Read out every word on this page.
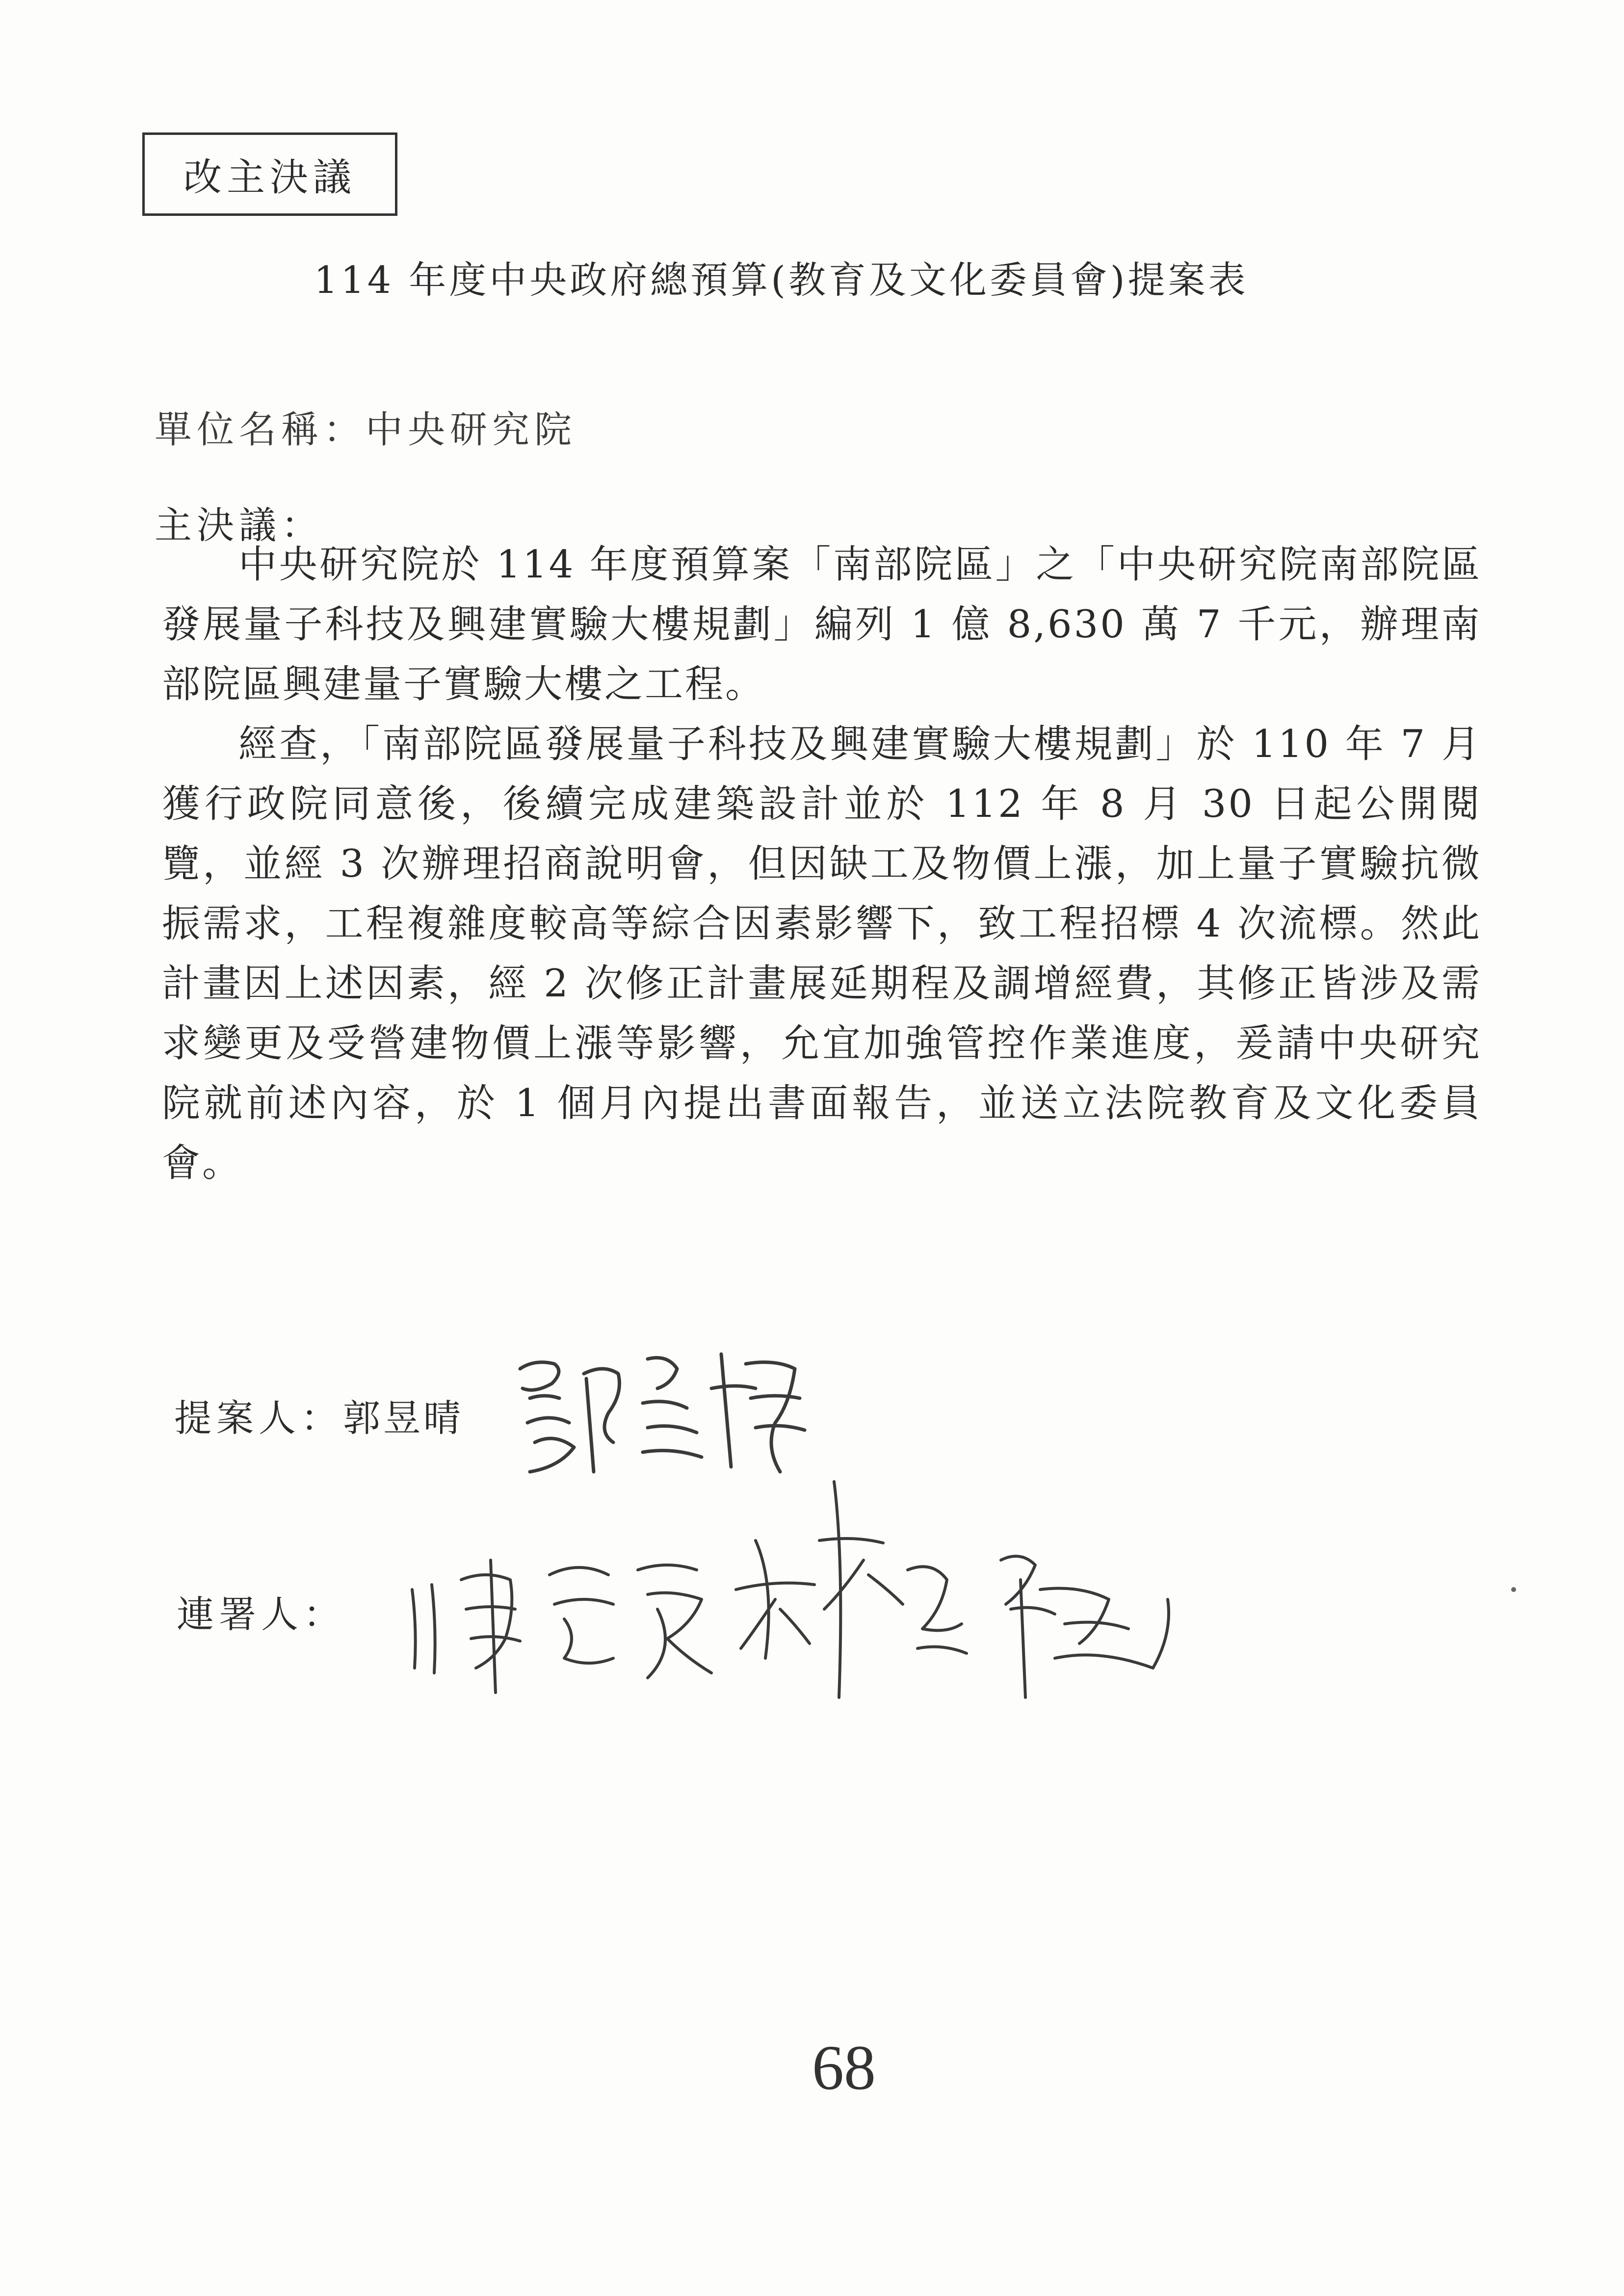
改主決議
114 年度中央政府總預算(教育及文化委員會)提案表
單位名稱：中央研究院
主決議：

中央研究院於 114 年度預算案「南部院區」之「中央研究院南部院區發展量子科技及興建實驗大樓規劃」編列 1 億 8,630 萬 7 千元，辦理南部院區興建量子實驗大樓之工程。

經查，「南部院區發展量子科技及興建實驗大樓規劃」於 110 年 7 月獲行政院同意後，後續完成建築設計並於 112 年 8 月 30 日起公開閱覽，並經 3 次辦理招商說明會，但因缺工及物價上漲，加上量子實驗抗微振需求，工程複雜度較高等綜合因素影響下，致工程招標 4 次流標。然此計畫因上述因素，經 2 次修正計畫展延期程及調增經費，其修正皆涉及需求變更及受營建物價上漲等影響，允宜加強管控作業進度，爰請中央研究院就前述內容，於 1 個月內提出書面報告，並送立法院教育及文化委員會。

提案人： 郭昱晴
連署人：
68
